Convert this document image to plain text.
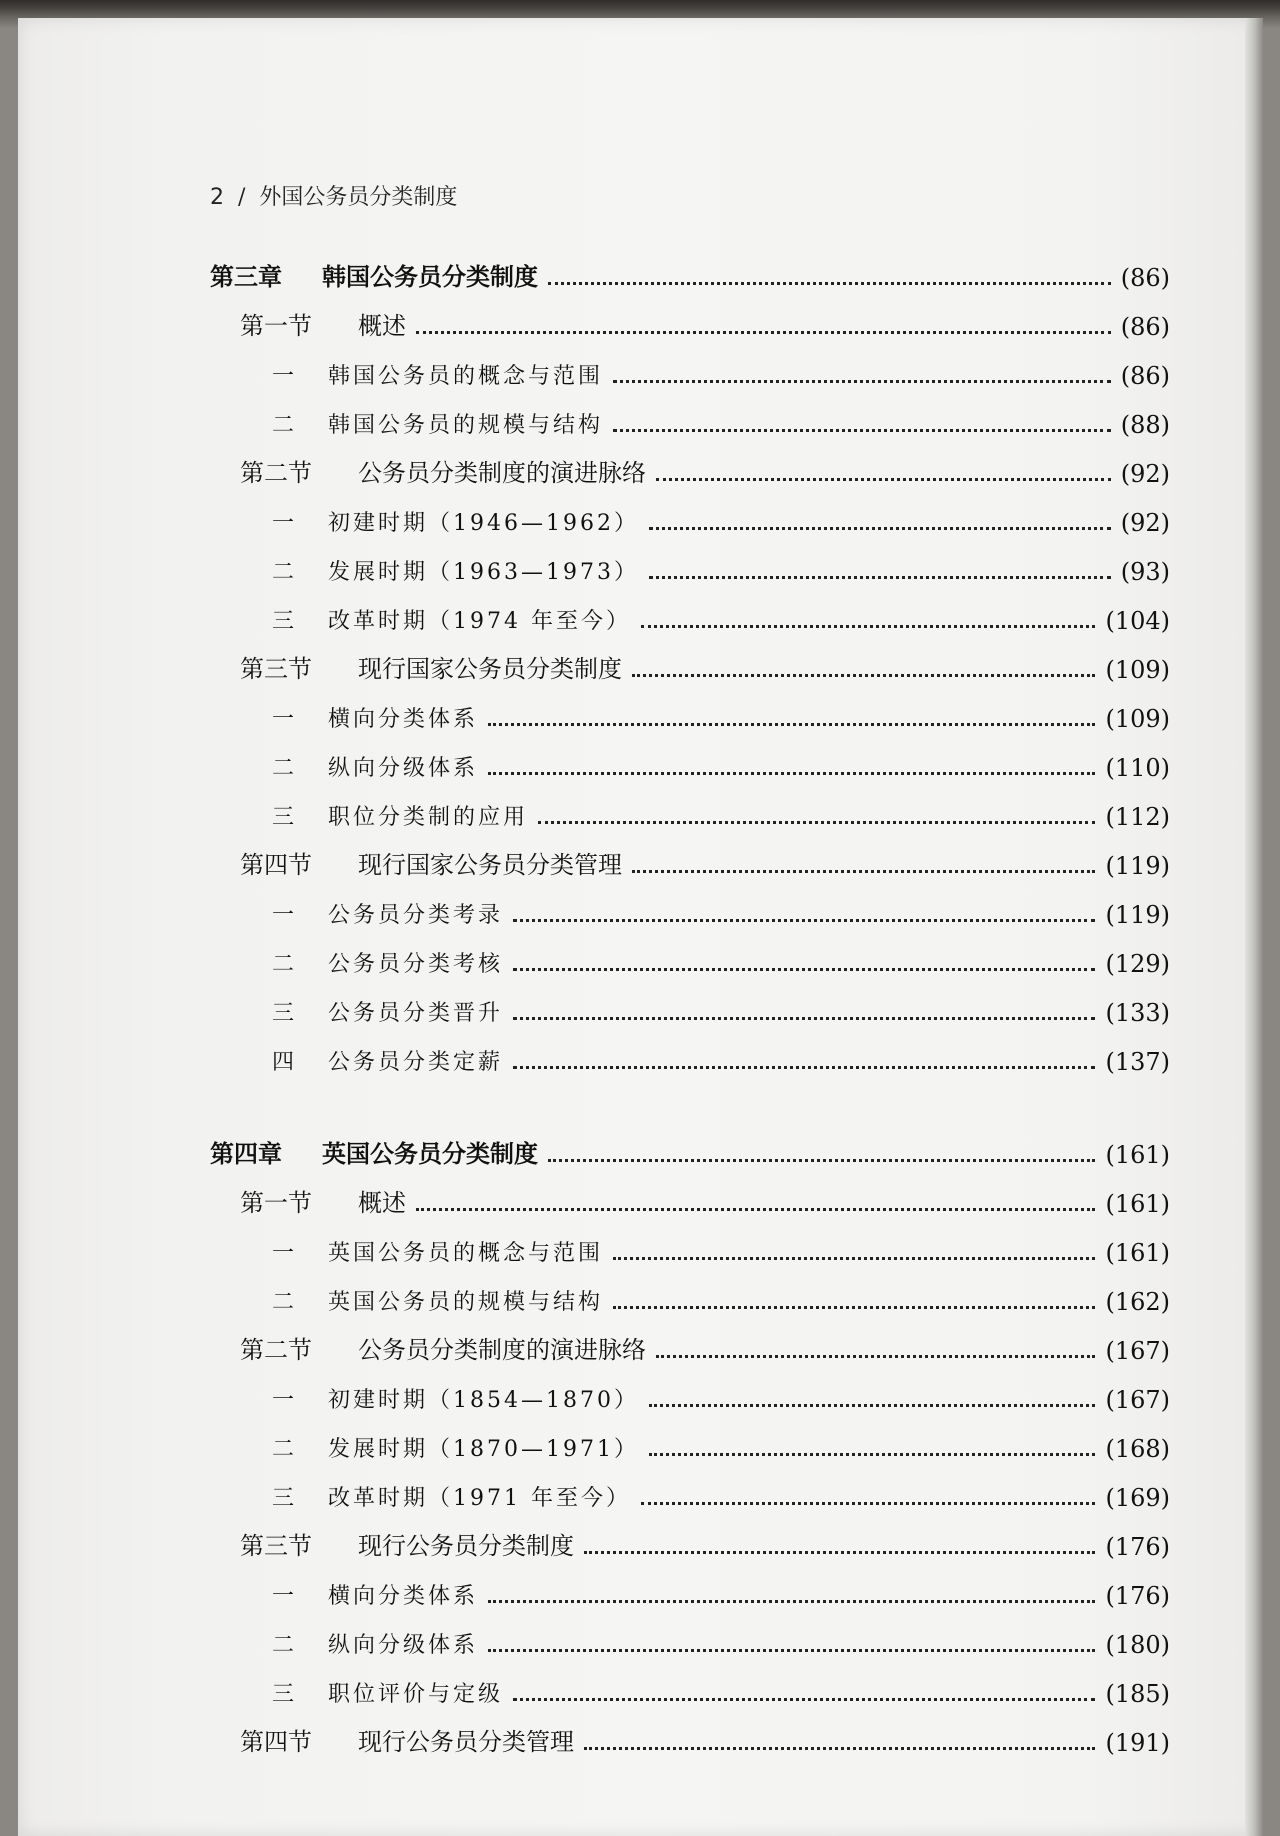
2 / 外国公务员分类制度
第三章	韩国公务员分类制度	(86)
第一节	概述	(86)
一	韩国公务员的概念与范围	(86)
二	韩国公务员的规模与结构	(88)
第二节	公务员分类制度的演进脉络	(92)
一	初建时期（1946—1962）	(92)
二	发展时期（1963—1973）	(93)
三	改革时期（1974 年至今）	(104)
第三节	现行国家公务员分类制度	(109)
一	横向分类体系	(109)
二	纵向分级体系	(110)
三	职位分类制的应用	(112)
第四节	现行国家公务员分类管理	(119)
一	公务员分类考录	(119)
二	公务员分类考核	(129)
三	公务员分类晋升	(133)
四	公务员分类定薪	(137)
第四章	英国公务员分类制度	(161)
第一节	概述	(161)
一	英国公务员的概念与范围	(161)
二	英国公务员的规模与结构	(162)
第二节	公务员分类制度的演进脉络	(167)
一	初建时期（1854—1870）	(167)
二	发展时期（1870—1971）	(168)
三	改革时期（1971 年至今）	(169)
第三节	现行公务员分类制度	(176)
一	横向分类体系	(176)
二	纵向分级体系	(180)
三	职位评价与定级	(185)
第四节	现行公务员分类管理	(191)
